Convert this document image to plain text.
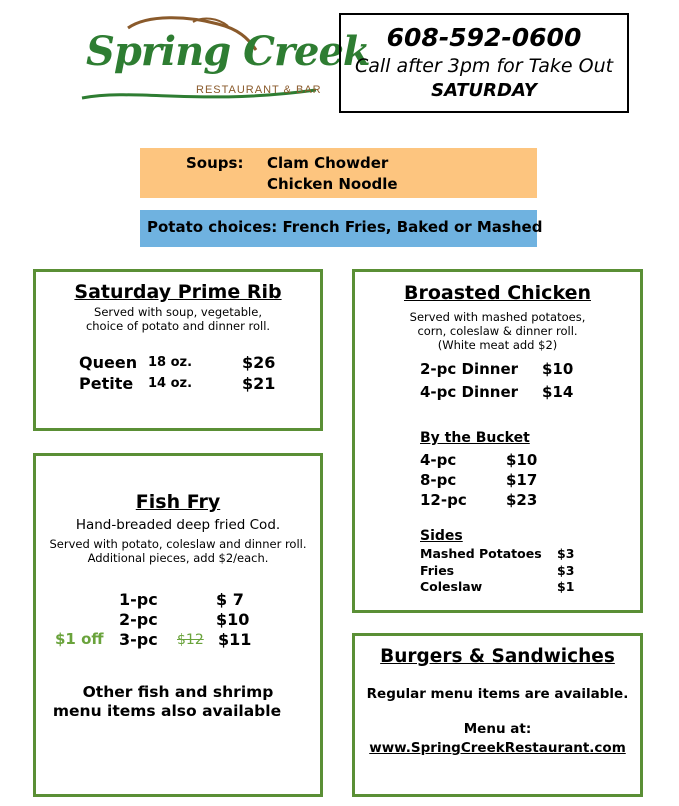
Spring Creek
RESTAURANT & BAR
608-592-0600
Call after 3pm for Take Out
SATURDAY
Soups: Clam Chowder
Chicken Noodle
Potato choices: French Fries, Baked or Mashed
Saturday Prime Rib
Served with soup, vegetable,
choice of potato and dinner roll.
Queen 18 oz.	$26
Petite 14 oz.	$21
Fish Fry
Hand-breaded deep fried Cod.
Served with potato, coleslaw and dinner roll.
Additional pieces, add $2/each.
1-pc	$ 7
2-pc	$10
$1 off 3-pc $12 $11
Other fish and shrimp
menu items also available
Broasted Chicken
Served with mashed potatoes,
corn, coleslaw & dinner roll.
(White meat add $2)
2-pc Dinner $10
4-pc Dinner $14
By the Bucket
4-pc	$10
8-pc	$17
12-pc	$23
Sides
Mashed Potatoes $3
Fries	$3
Coleslaw	$1
Burgers & Sandwiches
Regular menu items are available.
Menu at:
www.SpringCreekRestaurant.com
